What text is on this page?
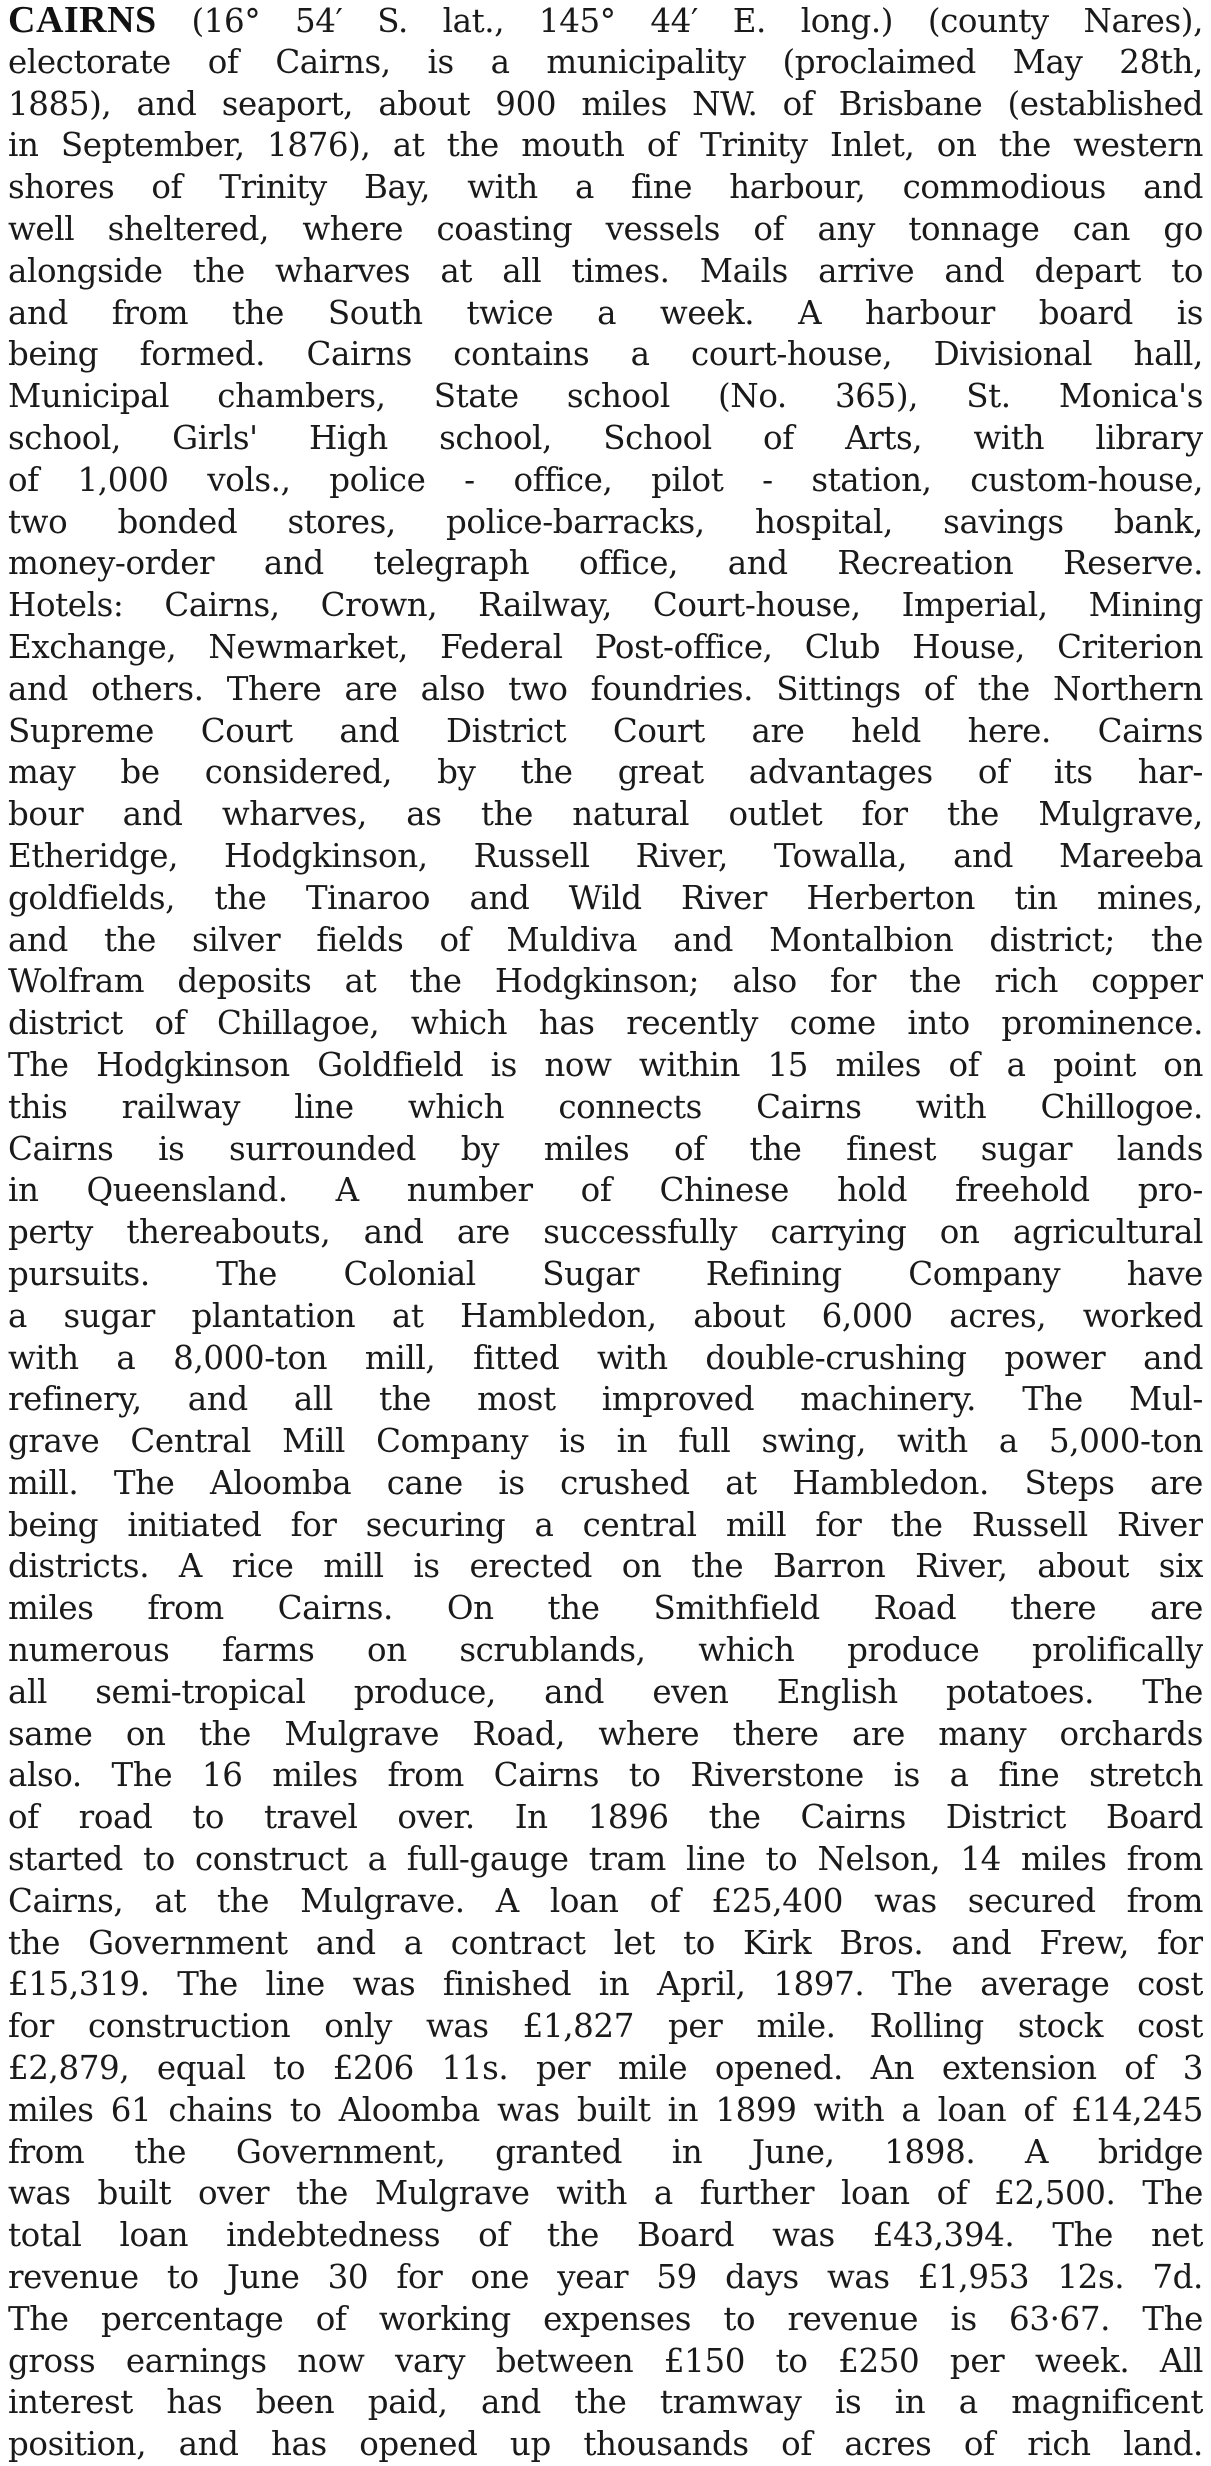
CAIRNS (16° 54′ S. lat., 145° 44′ E. long.) (county Nares),
electorate of Cairns, is a municipality (proclaimed May 28th,
1885), and seaport, about 900 miles NW. of Brisbane (established
in September, 1876), at the mouth of Trinity Inlet, on the western
shores of Trinity Bay, with a fine harbour, commodious and
well sheltered, where coasting vessels of any tonnage can go
alongside the wharves at all times. Mails arrive and depart to
and from the South twice a week. A harbour board is
being formed. Cairns contains a court-house, Divisional hall,
Municipal chambers, State school (No. 365), St. Monica's
school, Girls' High school, School of Arts, with library
of 1,000 vols., police - office, pilot - station, custom-house,
two bonded stores, police-barracks, hospital, savings bank,
money-order and telegraph office, and Recreation Reserve.
Hotels: Cairns, Crown, Railway, Court-house, Imperial, Mining
Exchange, Newmarket, Federal Post-office, Club House, Criterion
and others. There are also two foundries. Sittings of the Northern
Supreme Court and District Court are held here. Cairns
may be considered, by the great advantages of its har-
bour and wharves, as the natural outlet for the Mulgrave,
Etheridge, Hodgkinson, Russell River, Towalla, and Mareeba
goldfields, the Tinaroo and Wild River Herberton tin mines,
and the silver fields of Muldiva and Montalbion district; the
Wolfram deposits at the Hodgkinson; also for the rich copper
district of Chillagoe, which has recently come into prominence.
The Hodgkinson Goldfield is now within 15 miles of a point on
this railway line which connects Cairns with Chillogoe.
Cairns is surrounded by miles of the finest sugar lands
in Queensland. A number of Chinese hold freehold pro-
perty thereabouts, and are successfully carrying on agricultural
pursuits. The Colonial Sugar Refining Company have
a sugar plantation at Hambledon, about 6,000 acres, worked
with a 8,000-ton mill, fitted with double-crushing power and
refinery, and all the most improved machinery. The Mul-
grave Central Mill Company is in full swing, with a 5,000-ton
mill. The Aloomba cane is crushed at Hambledon. Steps are
being initiated for securing a central mill for the Russell River
districts. A rice mill is erected on the Barron River, about six
miles from Cairns. On the Smithfield Road there are
numerous farms on scrublands, which produce prolifically
all semi-tropical produce, and even English potatoes. The
same on the Mulgrave Road, where there are many orchards
also. The 16 miles from Cairns to Riverstone is a fine stretch
of road to travel over. In 1896 the Cairns District Board
started to construct a full-gauge tram line to Nelson, 14 miles from
Cairns, at the Mulgrave. A loan of £25,400 was secured from
the Government and a contract let to Kirk Bros. and Frew, for
£15,319. The line was finished in April, 1897. The average cost
for construction only was £1,827 per mile. Rolling stock cost
£2,879, equal to £206 11s. per mile opened. An extension of 3
miles 61 chains to Aloomba was built in 1899 with a loan of £14,245
from the Government, granted in June, 1898. A bridge
was built over the Mulgrave with a further loan of £2,500. The
total loan indebtedness of the Board was £43,394. The net
revenue to June 30 for one year 59 days was £1,953 12s. 7d.
The percentage of working expenses to revenue is 63·67. The
gross earnings now vary between £150 to £250 per week. All
interest has been paid, and the tramway is in a magnificent
position, and has opened up thousands of acres of rich land.
